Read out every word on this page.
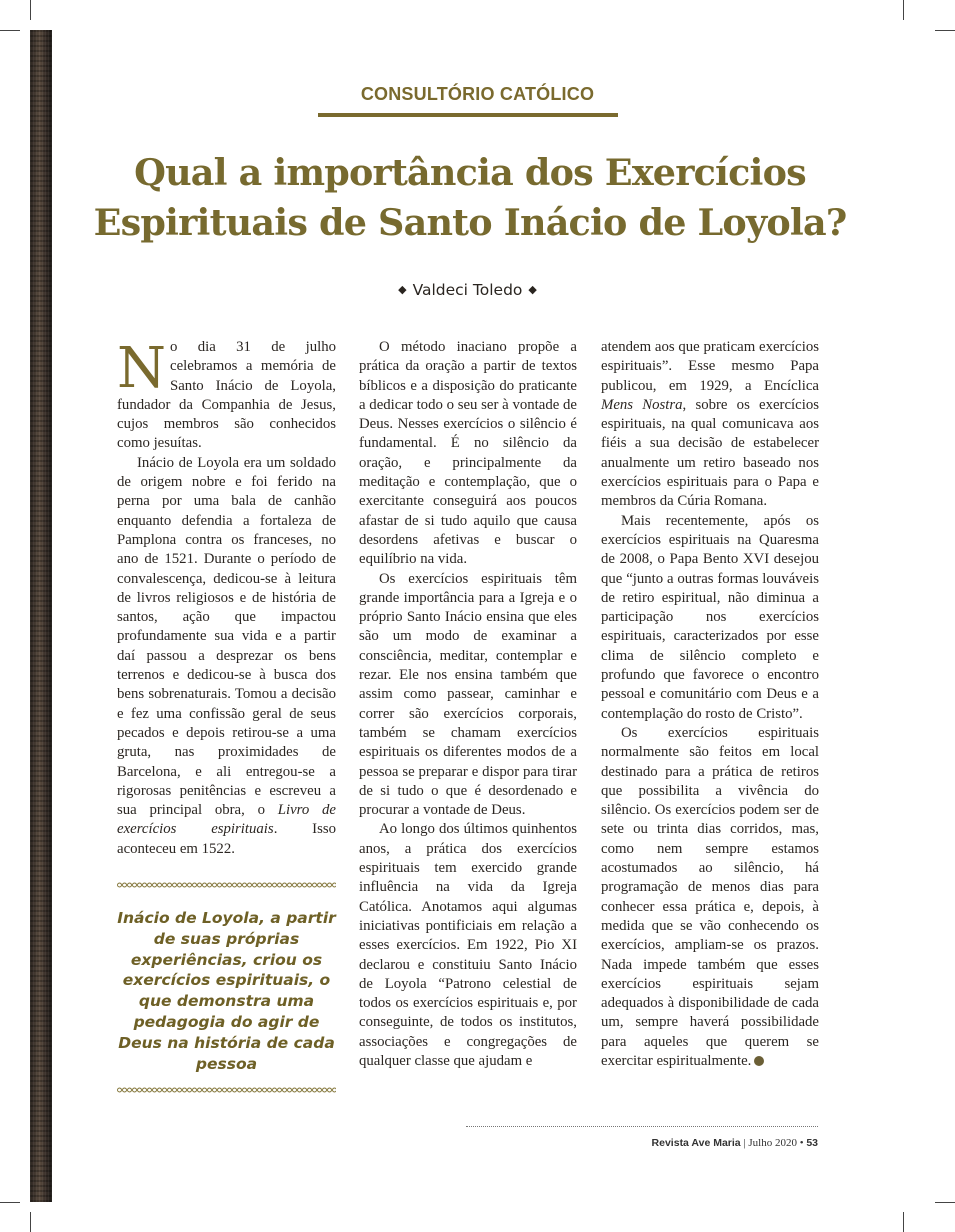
CONSULTÓRIO CATÓLICO
Qual a importância dos Exercícios
Espirituais de Santo Inácio de Loyola?
◆ Valdeci Toledo ◆

No dia 31 de julho celebramos a memória de Santo Inácio de Loyola, fundador da Companhia de Jesus, cujos membros são conhecidos como jesuítas.

Inácio de Loyola era um soldado de origem nobre e foi ferido na perna por uma bala de canhão enquanto defendia a fortaleza de Pamplona contra os franceses, no ano de 1521. Durante o período de convalescença, dedicou-se à leitura de livros religiosos e de história de santos, ação que impactou profundamente sua vida e a partir daí passou a desprezar os bens terrenos e dedicou-se à busca dos bens sobrenaturais. Tomou a decisão e fez uma confissão geral de seus pecados e depois retirou-se a uma gruta, nas proximidades de Barcelona, e ali entregou-se a rigorosas penitências e escreveu a sua principal obra, o Livro de exercícios espirituais. Isso aconteceu em 1522.

Inácio de Loyola, a partir de suas próprias experiências, criou os exercícios espirituais, o que demonstra uma pedagogia do agir de Deus na história de cada pessoa

O método inaciano propõe a prática da oração a partir de textos bíblicos e a disposição do praticante a dedicar todo o seu ser à vontade de Deus. Nesses exercícios o silêncio é fundamental. É no silêncio da oração, e principalmente da meditação e contemplação, que o exercitante conseguirá aos poucos afastar de si tudo aquilo que causa desordens afetivas e buscar o equilíbrio na vida.

Os exercícios espirituais têm grande importância para a Igreja e o próprio Santo Inácio ensina que eles são um modo de examinar a consciência, meditar, contemplar e rezar. Ele nos ensina também que assim como passear, caminhar e correr são exercícios corporais, também se chamam exercícios espirituais os diferentes modos de a pessoa se preparar e dispor para tirar de si tudo o que é desordenado e procurar a vontade de Deus.

Ao longo dos últimos quinhentos anos, a prática dos exercícios espirituais tem exercido grande influência na vida da Igreja Católica. Anotamos aqui algumas iniciativas pontificiais em relação a esses exercícios. Em 1922, Pio XI declarou e constituiu Santo Inácio de Loyola “Patrono celestial de todos os exercícios espirituais e, por conseguinte, de todos os institutos, associações e congregações de qualquer classe que ajudam e

atendem aos que praticam exercícios espirituais”. Esse mesmo Papa publicou, em 1929, a Encíclica Mens Nostra, sobre os exercícios espirituais, na qual comunicava aos fiéis a sua decisão de estabelecer anualmente um retiro baseado nos exercícios espirituais para o Papa e membros da Cúria Romana.

Mais recentemente, após os exercícios espirituais na Quaresma de 2008, o Papa Bento XVI desejou que “junto a outras formas louváveis de retiro espiritual, não diminua a participação nos exercícios espirituais, caracterizados por esse clima de silêncio completo e profundo que favorece o encontro pessoal e comunitário com Deus e a contemplação do rosto de Cristo”.

Os exercícios espirituais normalmente são feitos em local destinado para a prática de retiros que possibilita a vivência do silêncio. Os exercícios podem ser de sete ou trinta dias corridos, mas, como nem sempre estamos acostumados ao silêncio, há programação de menos dias para conhecer essa prática e, depois, à medida que se vão conhecendo os exercícios, ampliam-se os prazos. Nada impede também que esses exercícios espirituais sejam adequados à disponibilidade de cada um, sempre haverá possibilidade para aqueles que querem se exercitar espiritualmente.

Revista Ave Maria | Julho 2020 • 53
